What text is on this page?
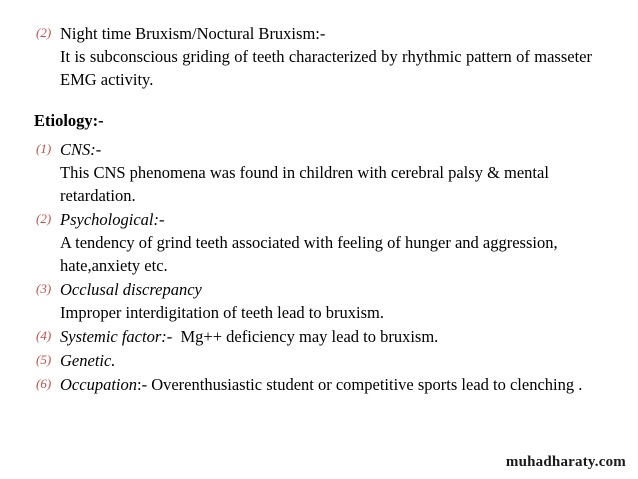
(2) Night time Bruxism/Noctural Bruxism:-
It is subconscious griding of teeth characterized by rhythmic pattern of masseter EMG activity.
Etiology:-
(1) CNS:-
This CNS phenomena was found in children with cerebral palsy & mental retardation.
(2) Psychological:-
A tendency of grind teeth associated with feeling of hunger and aggression, hate,anxiety etc.
(3) Occlusal discrepancy
Improper interdigitation of teeth lead to bruxism.
(4) Systemic factor:- Mg++ deficiency may lead to bruxism.
(5) Genetic.
(6) Occupation:- Overenthusiastic student or competitive sports lead to clenching .
muhadharaty.com
